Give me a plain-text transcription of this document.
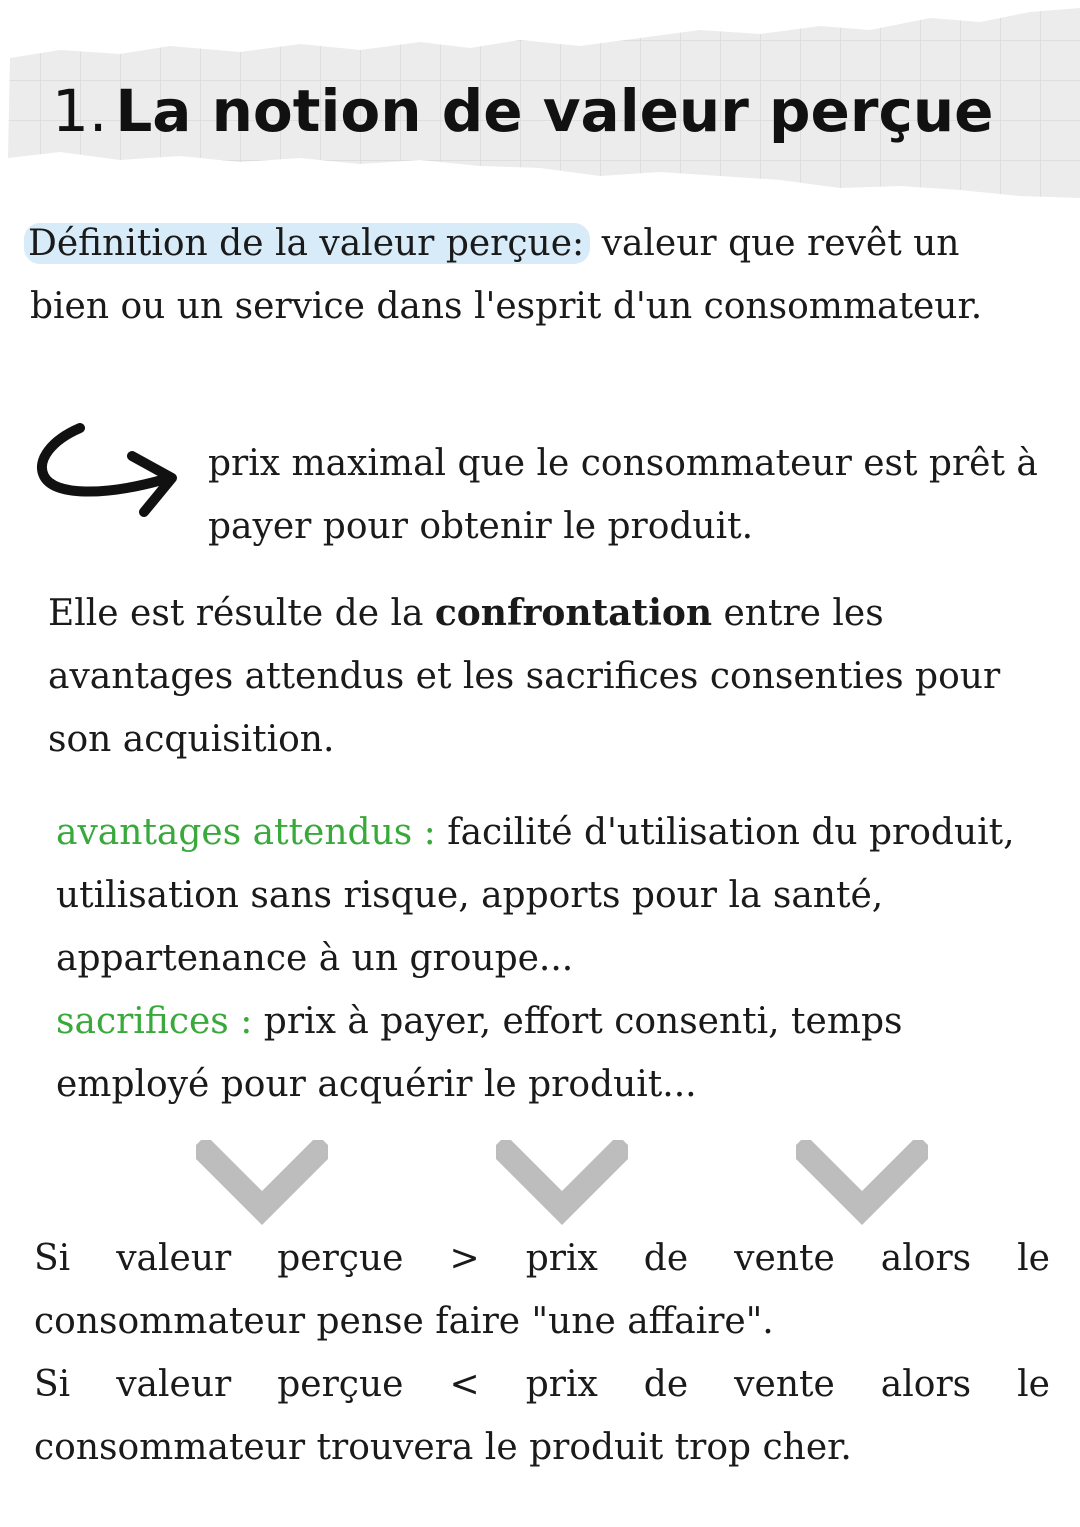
1. La notion de valeur perçue

Définition de la valeur perçue: valeur que revêt un bien ou un service dans l'esprit d'un consommateur.

prix maximal que le consommateur est prêt à payer pour obtenir le produit.

Elle est résulte de la confrontation entre les avantages attendus et les sacrifices consenties pour son acquisition.

avantages attendus : facilité d'utilisation du produit, utilisation sans risque, apports pour la santé, appartenance à un groupe...

sacrifices : prix à payer, effort consenti, temps employé pour acquérir le produit...

Si valeur perçue > prix de vente alors le

consommateur pense faire "une affaire".

Si valeur perçue < prix de vente alors le

consommateur trouvera le produit trop cher.
